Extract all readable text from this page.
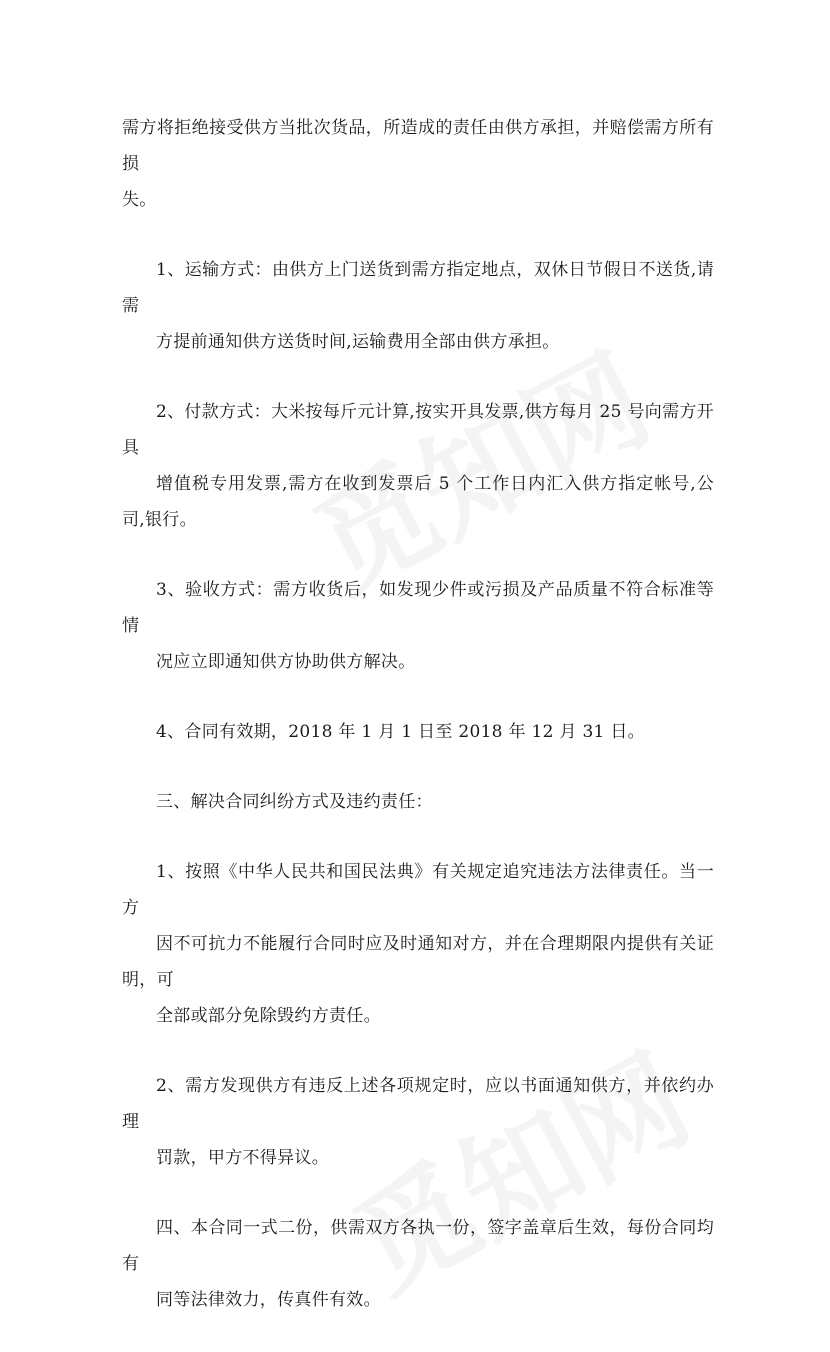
需方将拒绝接受供方当批次货品，所造成的责任由供方承担，并赔偿需方所有损
失。

1、运输方式：由供方上门送货到需方指定地点，双休日节假日不送货,请需
方提前通知供方送货时间,运输费用全部由供方承担。

2、付款方式：大米按每斤元计算,按实开具发票,供方每月 25 号向需方开具
增值税专用发票,需方在收到发票后 5 个工作日内汇入供方指定帐号,公司,银行。

3、验收方式：需方收货后，如发现少件或污损及产品质量不符合标准等情
况应立即通知供方协助供方解决。

4、合同有效期，2018 年 1 月 1 日至 2018 年 12 月 31 日。

三、解决合同纠纷方式及违约责任：

1、按照《中华人民共和国民法典》有关规定追究违法方法律责任。当一方
因不可抗力不能履行合同时应及时通知对方，并在合理期限内提供有关证明，可
全部或部分免除毁约方责任。

2、需方发现供方有违反上述各项规定时，应以书面通知供方，并依约办理
罚款，甲方不得异议。

四、本合同一式二份，供需双方各执一份，签字盖章后生效，每份合同均有
同等法律效力，传真件有效。
